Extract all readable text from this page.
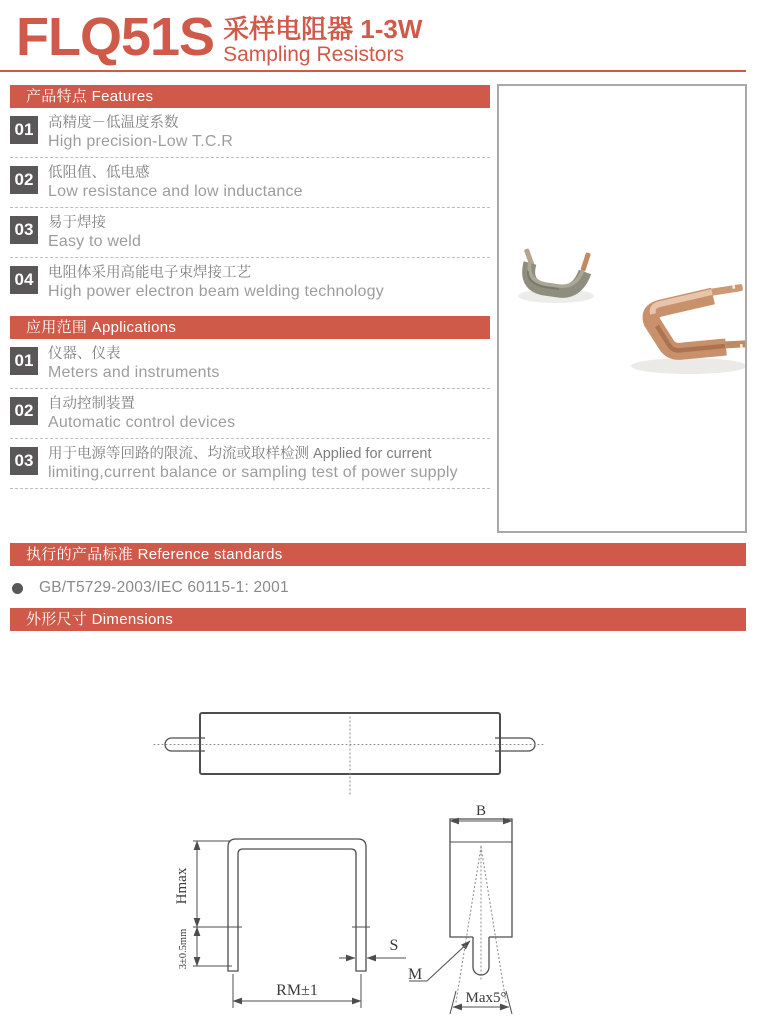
FLQ51S 采样电阻器 1-3W
Sampling Resistors
产品特点 Features
01	高精度－低温度系数
High precision-Low T.C.R
02	低阻值、低电感
Low resistance and low inductance
03	易于焊接
Easy to weld
04	电阻体采用高能电子束焊接工艺
High power electron beam welding technology
应用范围 Applications
01	仪器、仪表
Meters and instruments
02	自动控制装置
Automatic control devices
03	用于电源等回路的限流、均流或取样检测 Applied for current
limiting,current balance or sampling test of power supply
执行的产品标准 Reference standards
GB/T5729-2003/IEC 60115-1: 2001
外形尺寸 Dimensions
Hmax
3±0.5mm
RM±1
S
M
B
Max5°
